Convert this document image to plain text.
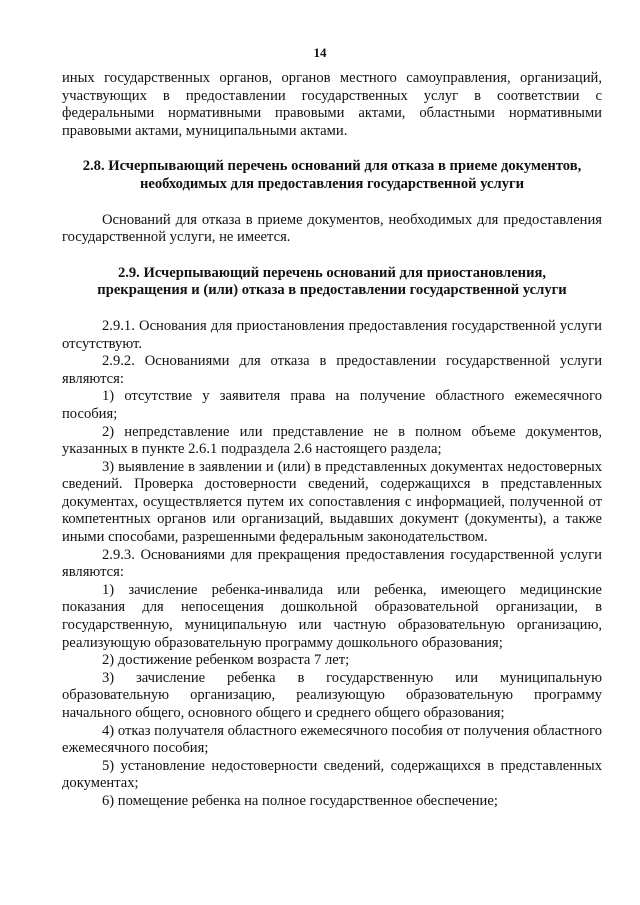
14

иных государственных органов, органов местного самоуправления, организаций, участвующих в предоставлении государственных услуг в соответствии с федеральными нормативными правовыми актами, областными нормативными правовыми актами, муниципальными актами.

2.8. Исчерпывающий перечень оснований для отказа в приеме документов, необходимых для предоставления государственной услуги

Оснований для отказа в приеме документов, необходимых для предоставления государственной услуги, не имеется.

2.9. Исчерпывающий перечень оснований для приостановления, прекращения и (или) отказа в предоставлении государственной услуги

2.9.1. Основания для приостановления предоставления государственной услуги отсутствуют.

2.9.2. Основаниями для отказа в предоставлении государственной услуги являются:

1) отсутствие у заявителя права на получение областного ежемесячного пособия;

2) непредставление или представление не в полном объеме документов, указанных в пункте 2.6.1 подраздела 2.6 настоящего раздела;

3) выявление в заявлении и (или) в представленных документах недостоверных сведений. Проверка достоверности сведений, содержащихся в представленных документах, осуществляется путем их сопоставления с информацией, полученной от компетентных органов или организаций, выдавших документ (документы), а также иными способами, разрешенными федеральным законодательством.

2.9.3. Основаниями для прекращения предоставления государственной услуги являются:

1) зачисление ребенка-инвалида или ребенка, имеющего медицинские показания для непосещения дошкольной образовательной организации, в государственную, муниципальную или частную образовательную организацию, реализующую образовательную программу дошкольного образования;

2) достижение ребенком возраста 7 лет;

3) зачисление ребенка в государственную или муниципальную образовательную организацию, реализующую образовательную программу начального общего, основного общего и среднего общего образования;

4) отказ получателя областного ежемесячного пособия от получения областного ежемесячного пособия;

5) установление недостоверности сведений, содержащихся в представленных документах;

6) помещение ребенка на полное государственное обеспечение;
